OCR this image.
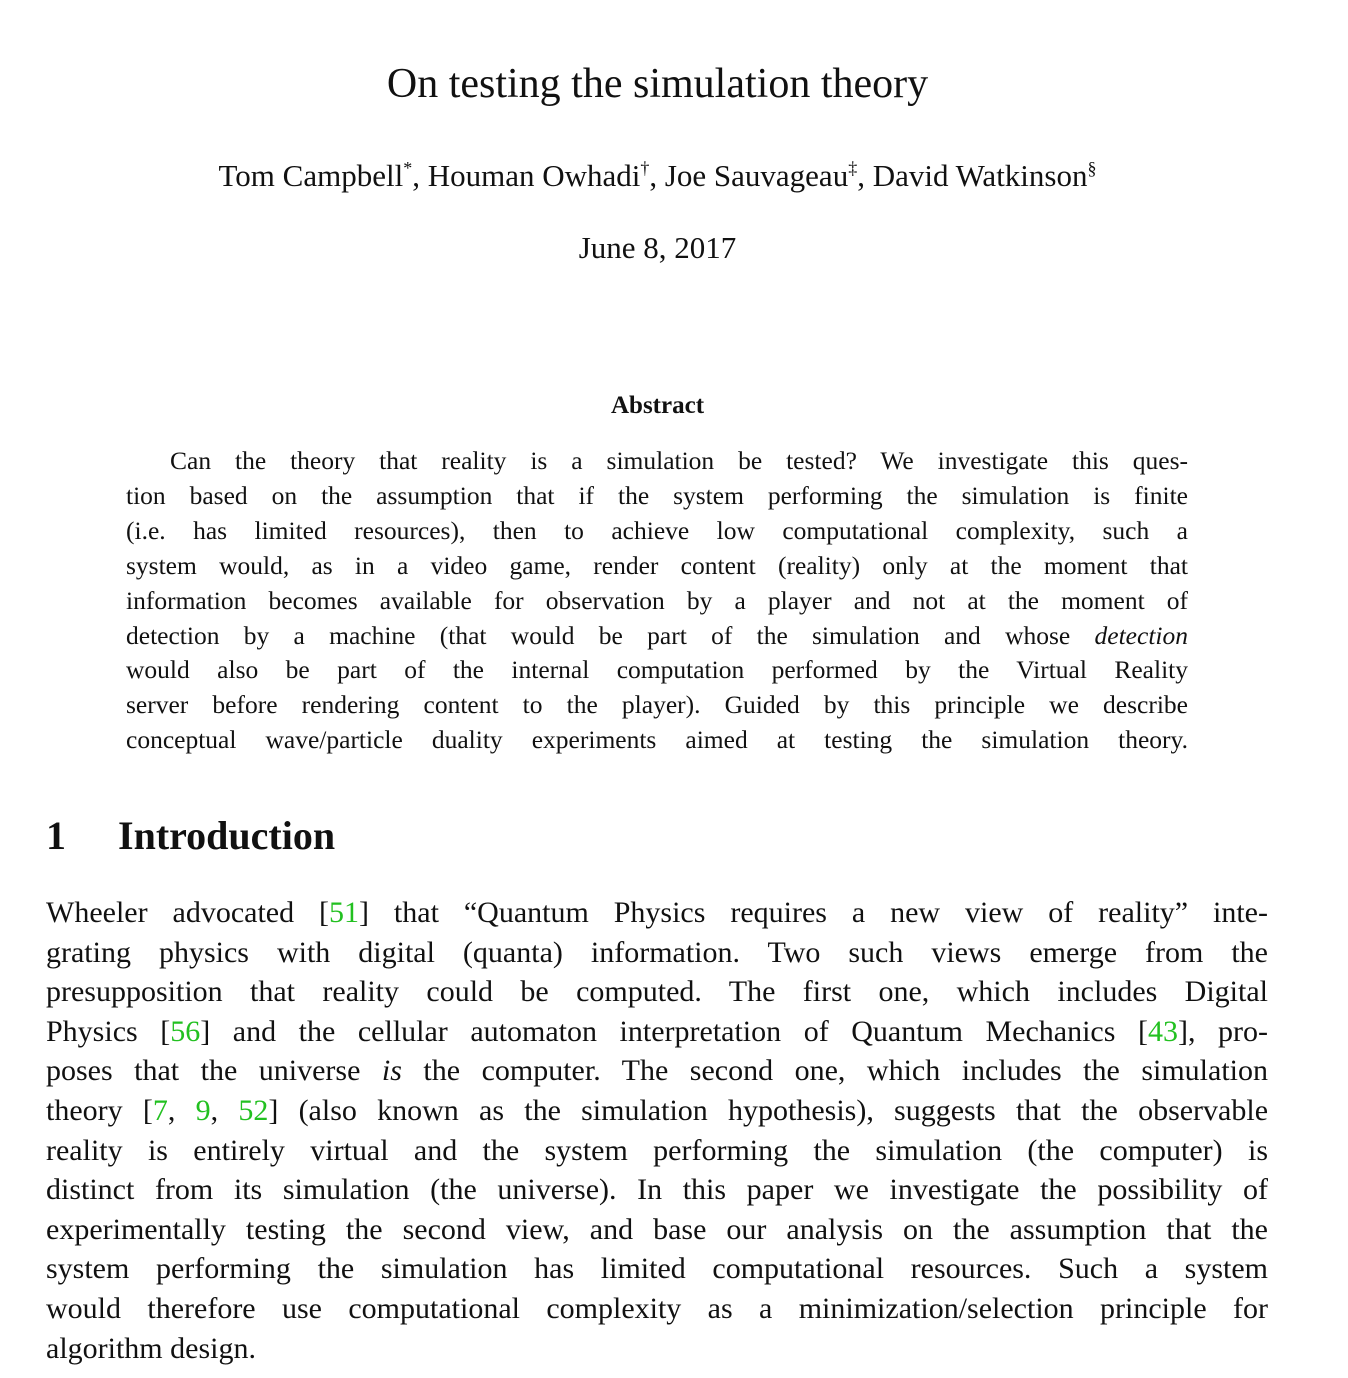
On testing the simulation theory
Tom Campbell*, Houman Owhadi†, Joe Sauvageau‡, David Watkinson§
June 8, 2017
Abstract
Can the theory that reality is a simulation be tested? We investigate this ques-
tion based on the assumption that if the system performing the simulation is finite
(i.e. has limited resources), then to achieve low computational complexity, such a
system would, as in a video game, render content (reality) only at the moment that
information becomes available for observation by a player and not at the moment of
detection by a machine (that would be part of the simulation and whose detection
would also be part of the internal computation performed by the Virtual Reality
server before rendering content to the player). Guided by this principle we describe
conceptual wave/particle duality experiments aimed at testing the simulation theory.
1 Introduction
Wheeler advocated [51] that “Quantum Physics requires a new view of reality” inte-
grating physics with digital (quanta) information. Two such views emerge from the
presupposition that reality could be computed. The first one, which includes Digital
Physics [56] and the cellular automaton interpretation of Quantum Mechanics [43], pro-
poses that the universe is the computer. The second one, which includes the simulation
theory [7, 9, 52] (also known as the simulation hypothesis), suggests that the observable
reality is entirely virtual and the system performing the simulation (the computer) is
distinct from its simulation (the universe). In this paper we investigate the possibility of
experimentally testing the second view, and base our analysis on the assumption that the
system performing the simulation has limited computational resources. Such a system
would therefore use computational complexity as a minimization/selection principle for
algorithm design.
